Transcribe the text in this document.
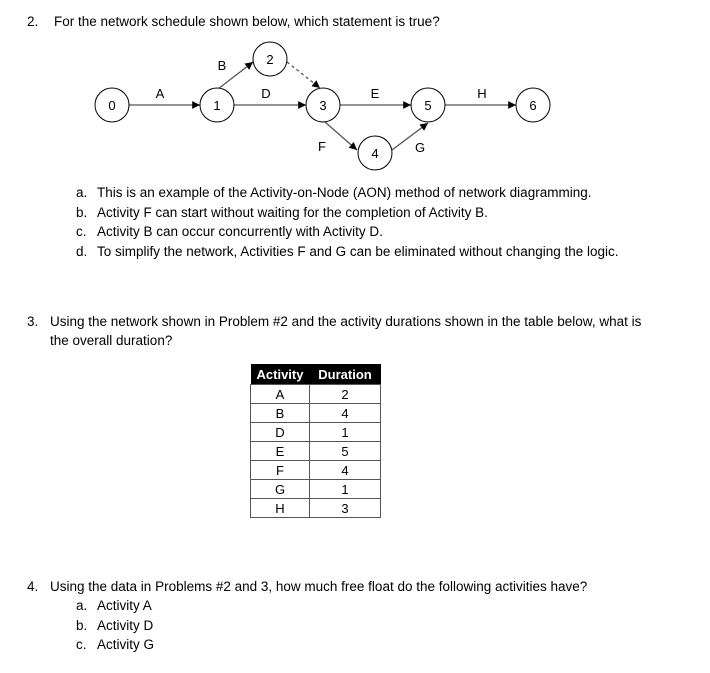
2. For the network schedule shown below, which statement is true?
0	1
2
3
4
5	6
A
B
D	E
F	G
H
a. This is an example of the Activity-on-Node (AON) method of network diagramming.
b. Activity F can start without waiting for the completion of Activity B.
c. Activity B can occur concurrently with Activity D.
d. To simplify the network, Activities F and G can be eliminated without changing the logic.
3. Using the network shown in Problem #2 and the activity durations shown in the table below, what is
the overall duration?
Activity	Duration
A	2
B	4
D	1
E	5
F	4
G	1
H	3
4. Using the data in Problems #2 and 3, how much free float do the following activities have?
a. Activity A
b. Activity D
c. Activity G
